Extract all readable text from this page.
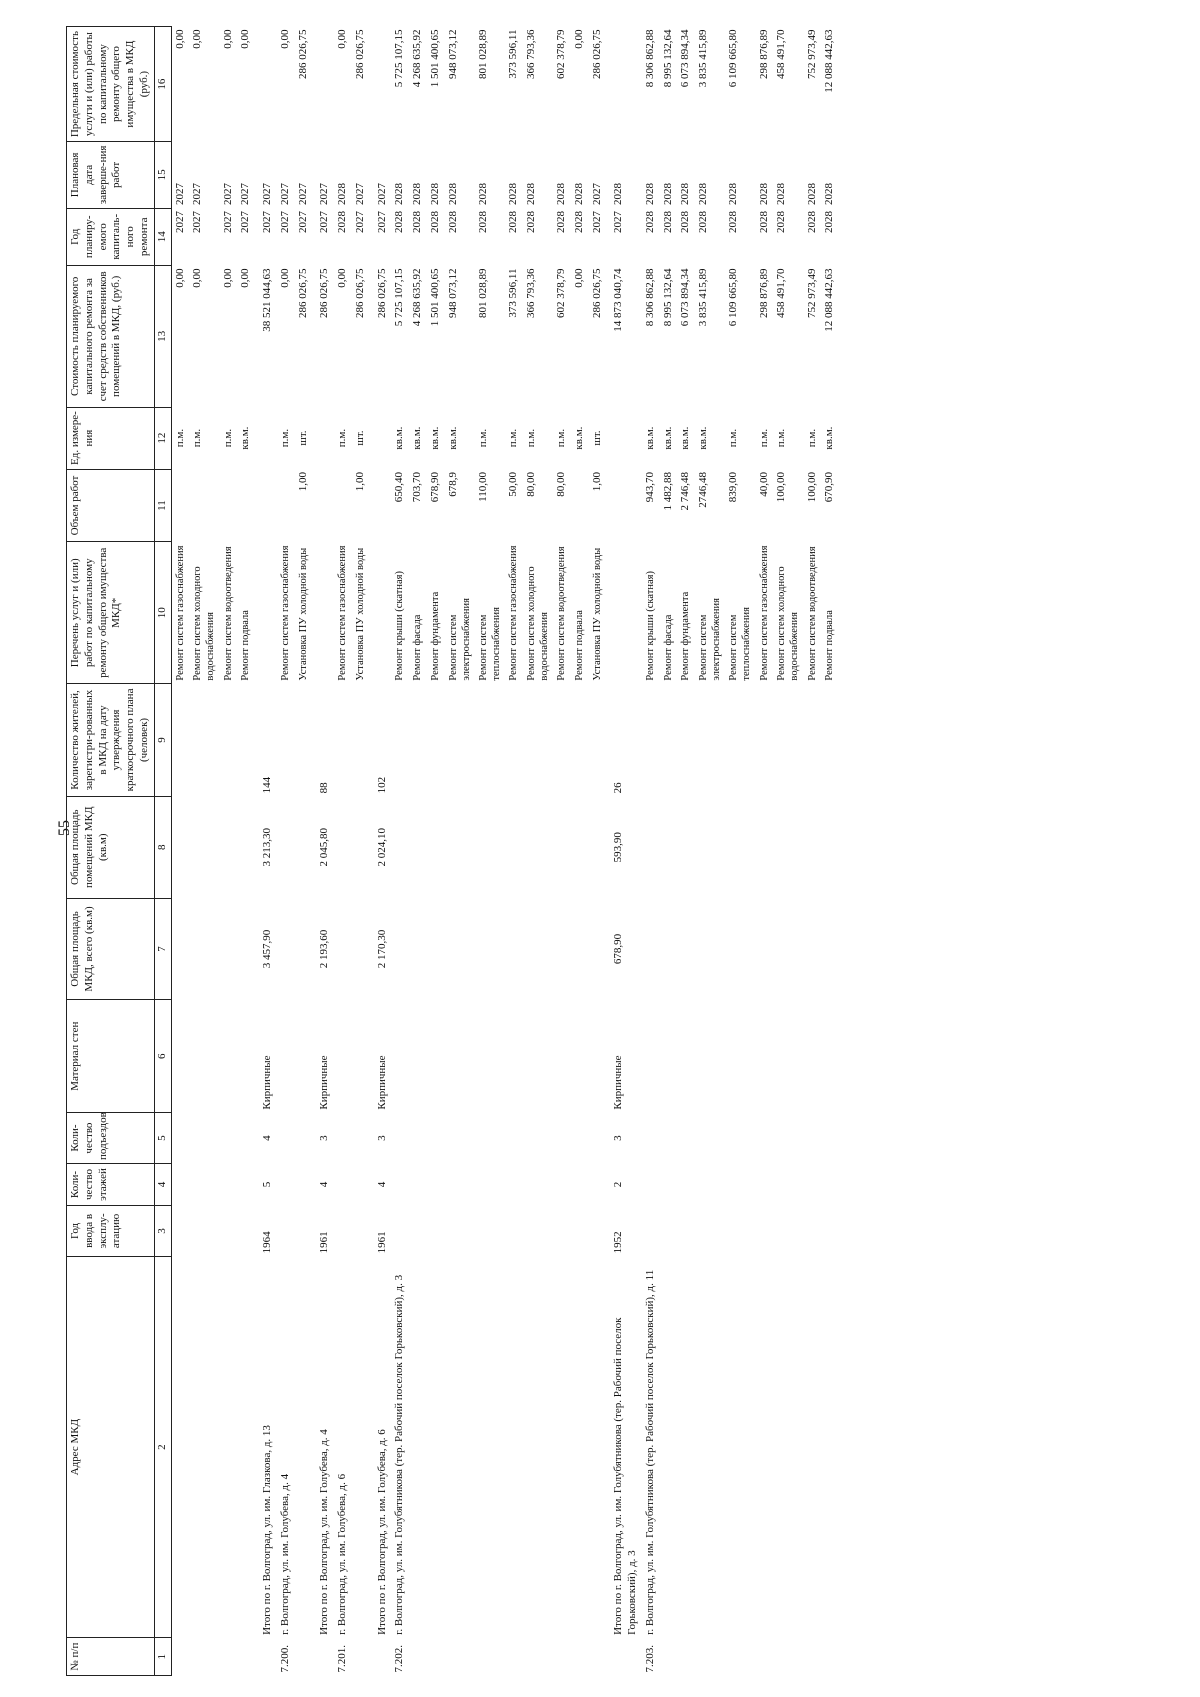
55
№ п/п	Адрес МКД	Год ввода в эксплу-атацию	Коли-чество этажей	Коли-чество подъездов	Материал стен	Общая площадь МКД, всего (кв.м)	Общая площадь помещений МКД (кв.м)	Количество жителей, зарегистри-рованных в МКД на дату утверждения краткосрочного плана (человек)	Перечень услуг и (или) работ по капитальному ремонту общего имущества МКД*	Объем работ	Ед. измере-ния	Стоимость планируемого капитального ремонта за счет средств собственников помещений в МКД, (руб.)	Год планиру-емого капиталь-ного ремонта	Плановая дата заверше-ния работ	Предельная стоимость услуги и (или) работы по капитальному ремонту общего имущества в МКД (руб.)
1	2	3	4	5	6	7	8	9	10	11	12	13	14	15	16
									Ремонт систем газоснабжения		п.м.	0,00	2027	2027	0,00
									Ремонт систем холодного водоснабжения		п.м.	0,00	2027	2027	0,00
									Ремонт систем водоотведения		п.м.	0,00	2027	2027	0,00
									Ремонт подвала		кв.м.	0,00	2027	2027	0,00
	Итого по г. Волгоград, ул. им. Глазкова, д. 13	1964	5	4	Кирпичные	3 457,90	3 213,30	144				38 521 044,63	2027	2027	
7.200.	г. Волгоград, ул. им. Голубева, д. 4								Ремонт систем газоснабжения		п.м.	0,00	2027	2027	0,00
									Установка ПУ холодной воды	1,00	шт.	286 026,75	2027	2027	286 026,75
	Итого по г. Волгоград, ул. им. Голубева, д. 4	1961	4	3	Кирпичные	2 193,60	2 045,80	88				286 026,75	2027	2027	
7.201.	г. Волгоград, ул. им. Голубева, д. 6								Ремонт систем газоснабжения		п.м.	0,00	2028	2028	0,00
									Установка ПУ холодной воды	1,00	шт.	286 026,75	2027	2027	286 026,75
	Итого по г. Волгоград, ул. им. Голубева, д. 6	1961	4	3	Кирпичные	2 170,30	2 024,10	102				286 026,75	2027	2027	
7.202.	г. Волгоград, ул. им. Голубятникова (тер. Рабочий поселок Горьковский), д. 3								Ремонт крыши (скатная)	650,40	кв.м.	5 725 107,15	2028	2028	5 725 107,15
									Ремонт фасада	703,70	кв.м.	4 268 635,92	2028	2028	4 268 635,92
									Ремонт фундамента	678,90	кв.м.	1 501 400,65	2028	2028	1 501 400,65
									Ремонт систем электроснабжения	678,9	кв.м.	948 073,12	2028	2028	948 073,12
									Ремонт систем теплоснабжения	110,00	п.м.	801 028,89	2028	2028	801 028,89
									Ремонт систем газоснабжения	50,00	п.м.	373 596,11	2028	2028	373 596,11
									Ремонт систем холодного водоснабжения	80,00	п.м.	366 793,36	2028	2028	366 793,36
									Ремонт систем водоотведения	80,00	п.м.	602 378,79	2028	2028	602 378,79
									Ремонт подвала		кв.м.	0,00	2028	2028	0,00
									Установка ПУ холодной воды	1,00	шт.	286 026,75	2027	2027	286 026,75
	Итого по г. Волгоград, ул. им. Голубятникова (тер. Рабочий поселок Горьковский), д. 3	1952	2	3	Кирпичные	678,90	593,90	26				14 873 040,74	2027	2028	
7.203.	г. Волгоград, ул. им. Голубятникова (тер. Рабочий поселок Горьковский), д. 11								Ремонт крыши (скатная)	943,70	кв.м.	8 306 862,88	2028	2028	8 306 862,88
									Ремонт фасада	1 482,88	кв.м.	8 995 132,64	2028	2028	8 995 132,64
									Ремонт фундамента	2 746,48	кв.м.	6 073 894,34	2028	2028	6 073 894,34
									Ремонт систем электроснабжения	2746,48	кв.м.	3 835 415,89	2028	2028	3 835 415,89
									Ремонт систем теплоснабжения	839,00	п.м.	6 109 665,80	2028	2028	6 109 665,80
									Ремонт систем газоснабжения	40,00	п.м.	298 876,89	2028	2028	298 876,89
									Ремонт систем холодного водоснабжения	100,00	п.м.	458 491,70	2028	2028	458 491,70
									Ремонт систем водоотведения	100,00	п.м.	752 973,49	2028	2028	752 973,49
									Ремонт подвала	670,90	кв.м.	12 088 442,63	2028	2028	12 088 442,63
